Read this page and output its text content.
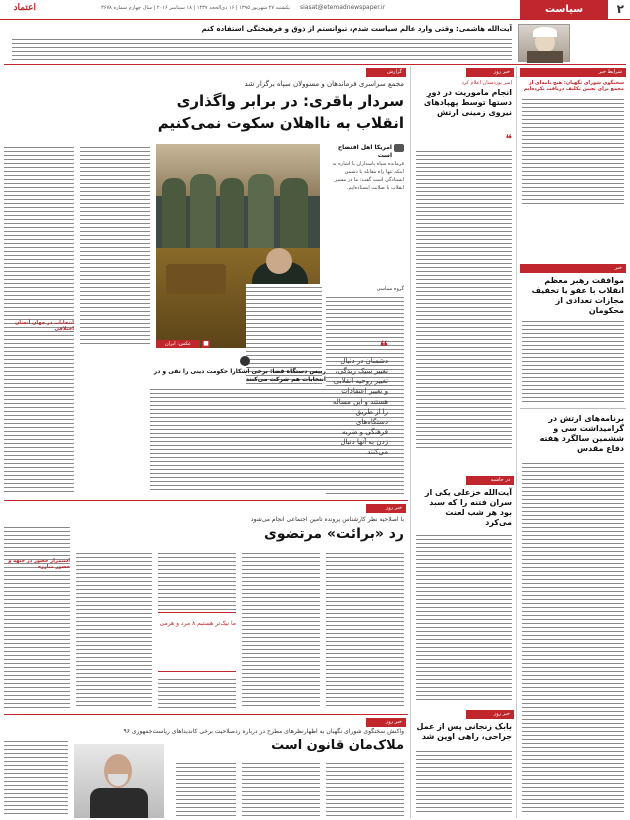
۲
سیاست
siasat@etemadnewspaper.ir
یکشنبه ۲۷ شهریور ۱۳۹۵ | ۱۶ ذی‌الحجه ۱۴۳۷ | ۱۸ سپتامبر ۲۰۱۶ | سال چهارم شماره ۳۶۷۸
اعتماد
آیت‌الله هاشمی: وقتی وارد عالم سیاست شدم، تبوانستم از ذوق و فرهیختگی استفاده کنم
شرایط خبر
سخنگوی شورای نگهبان: هیچ نامه‌ای از مجمع برای تعیین تکلیف دریافت نکرده‌ایم
خبر
موافقت رهبر معظم انقلاب با عفو یا تخفیف مجازات تعدادی از محکومان
برنامه‌های ارتش در گرامیداشت سی و ششمین سالگرد هفته دفاع مقدس
خبر روز
امیر پوردستان اعلام کرد
انجام ماموریت در دورِ دستها توسط پهپادهای نیروی زمینی ارتش
❝
در حاشیه
آیت‌الله خزعلی یکی از سران فتنه را که سبد بود هر شب لعنت می‌کرد
خبر روز
بابک زنجانی پس از عمل جراحی، راهی اوین شد
گزارش
مجمع سراسری فرماندهان و مسوولان سپاه برگزار شد
سردار باقری: در برابر واگذاری
انقلاب به نااهلان سکوت نمی‌کنیم
عکس: ایران	■
امریکا اهل افتضاح است
فرمانده سپاه پاسداران با اشاره به اینکه تنها راه مقابله با دشمن ایستادگی است گفت: ما در مسیر انقلاب با صلابت ایستاده‌ایم.
انتخابات در جهان آنچنان اختلافی
گروه سیاسی
❝
دشمنان در دنبال تغییر سبک زندگی، تغییر روحیه انقلابی و تغییر اعتقادات هستند و این مساله را از طریق دستگاه‌های فرهنگی و ضربه زدن به آنها دنبال می‌کنند.
رییس دستگاه قضا: برخی آشکارا حکومت دینی را نفی و در انتخابات هم شرکت می‌کنند
خبر روز
با اصلاحیه نظر کارشناس پرونده تامین اجتماعی انجام می‌شود
رد «برائت» مرتضوی
ما نیک‌تر هستیم ۸ مرد و هرمی
استمرار حضور در جبهه و حضور مبارزه
خبر روز
واکنش سخنگوی شورای نگهبان به اظهارنظرهای مطرح در درباره ردصلاحیت برخی کاندیداهای ریاست‌جمهوری ۹۶
ملاک‌مان قانون است
